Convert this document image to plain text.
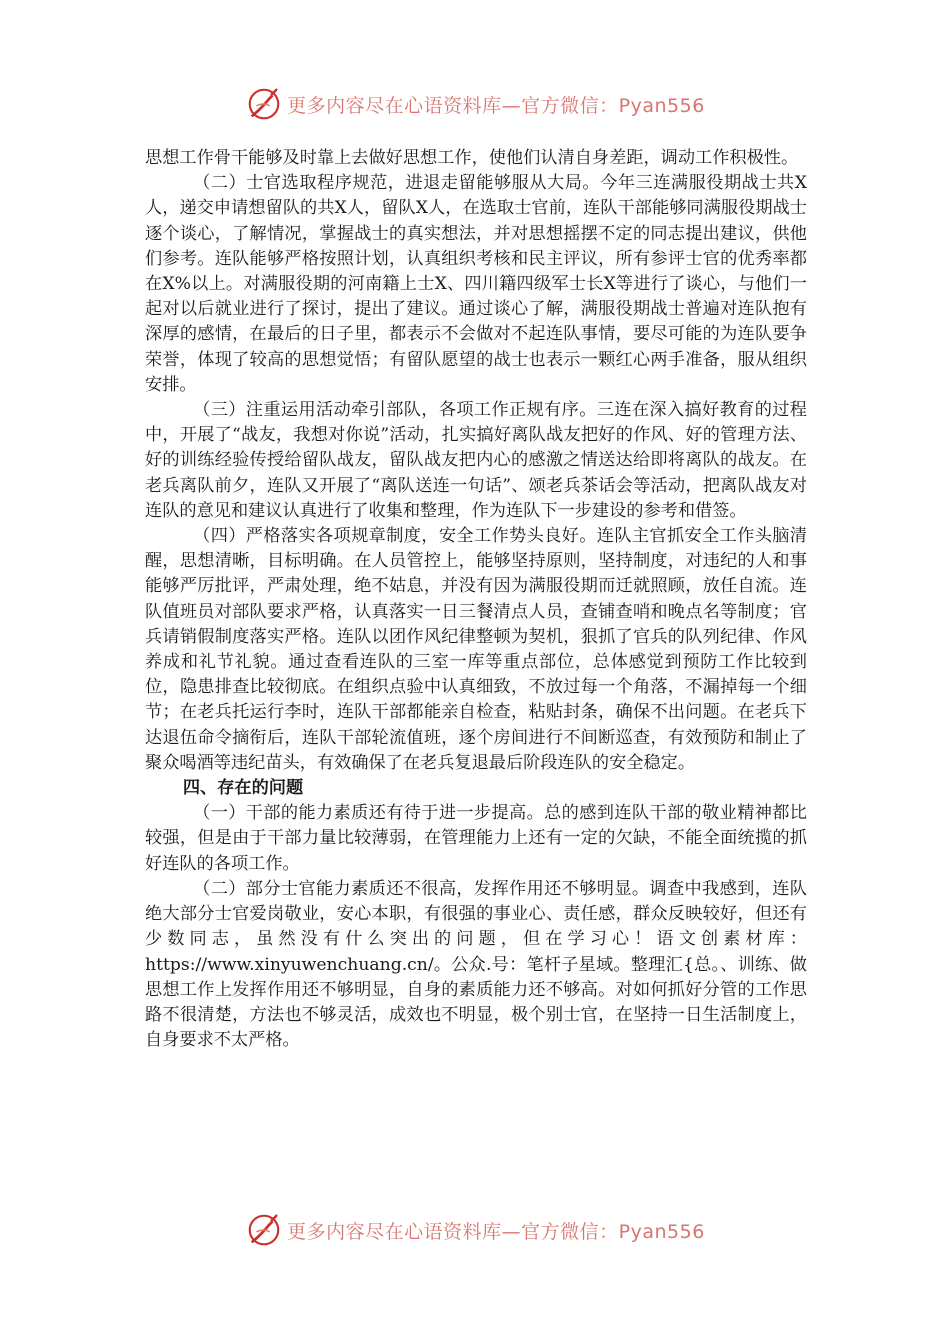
更多内容尽在心语资料库—官方微信：Pyan556

思想工作骨干能够及时靠上去做好思想工作，使他们认清自身差距，调动工作积极性。

（二）士官选取程序规范，进退走留能够服从大局。今年三连满服役期战士共X人，递交申请想留队的共X人，留队X人，在选取士官前，连队干部能够同满服役期战士逐个谈心，了解情况，掌握战士的真实想法，并对思想摇摆不定的同志提出建议，供他们参考。连队能够严格按照计划，认真组织考核和民主评议，所有参评士官的优秀率都在X%以上。对满服役期的河南籍上士X、四川籍四级军士长X等进行了谈心，与他们一起对以后就业进行了探讨，提出了建议。通过谈心了解，满服役期战士普遍对连队抱有深厚的感情，在最后的日子里，都表示不会做对不起连队事情，要尽可能的为连队要争荣誉，体现了较高的思想觉悟；有留队愿望的战士也表示一颗红心两手准备，服从组织安排。

（三）注重运用活动牵引部队，各项工作正规有序。三连在深入搞好教育的过程中，开展了“战友，我想对你说”活动，扎实搞好离队战友把好的作风、好的管理方法、好的训练经验传授给留队战友，留队战友把内心的感激之情送达给即将离队的战友。在老兵离队前夕，连队又开展了“离队送连一句话”、颂老兵茶话会等活动，把离队战友对连队的意见和建议认真进行了收集和整理，作为连队下一步建设的参考和借签。

（四）严格落实各项规章制度，安全工作势头良好。连队主官抓安全工作头脑清醒，思想清晰，目标明确。在人员管控上，能够坚持原则，坚持制度，对违纪的人和事能够严厉批评，严肃处理，绝不姑息，并没有因为满服役期而迁就照顾，放任自流。连队值班员对部队要求严格，认真落实一日三餐清点人员，查铺查哨和晚点名等制度；官兵请销假制度落实严格。连队以团作风纪律整顿为契机，狠抓了官兵的队列纪律、作风养成和礼节礼貌。通过查看连队的三室一库等重点部位，总体感觉到预防工作比较到位，隐患排查比较彻底。在组织点验中认真细致，不放过每一个角落，不漏掉每一个细节；在老兵托运行李时，连队干部都能亲自检查，粘贴封条，确保不出问题。在老兵下达退伍命令摘衔后，连队干部轮流值班，逐个房间进行不间断巡查，有效预防和制止了聚众喝酒等违纪苗头，有效确保了在老兵复退最后阶段连队的安全稳定。

四、存在的问题

（一）干部的能力素质还有待于进一步提高。总的感到连队干部的敬业精神都比较强，但是由于干部力量比较薄弱，在管理能力上还有一定的欠缺，不能全面统揽的抓好连队的各项工作。

（二）部分士官能力素质还不很高，发挥作用还不够明显。调查中我感到，连队绝大部分士官爱岗敬业，安心本职，有很强的事业心、责任感，群众反映较好，但还有少数同志，虽然没有什么突出的问题，但在学习心！语文创素材库：https://www.xinyuwenchuang.cn/。公众.号：笔杆子星域。整理汇{总。、训练、做思想工作上发挥作用还不够明显，自身的素质能力还不够高。对如何抓好分管的工作思路不很清楚，方法也不够灵活，成效也不明显，极个别士官，在坚持一日生活制度上，自身要求不太严格。

更多内容尽在心语资料库—官方微信：Pyan556
